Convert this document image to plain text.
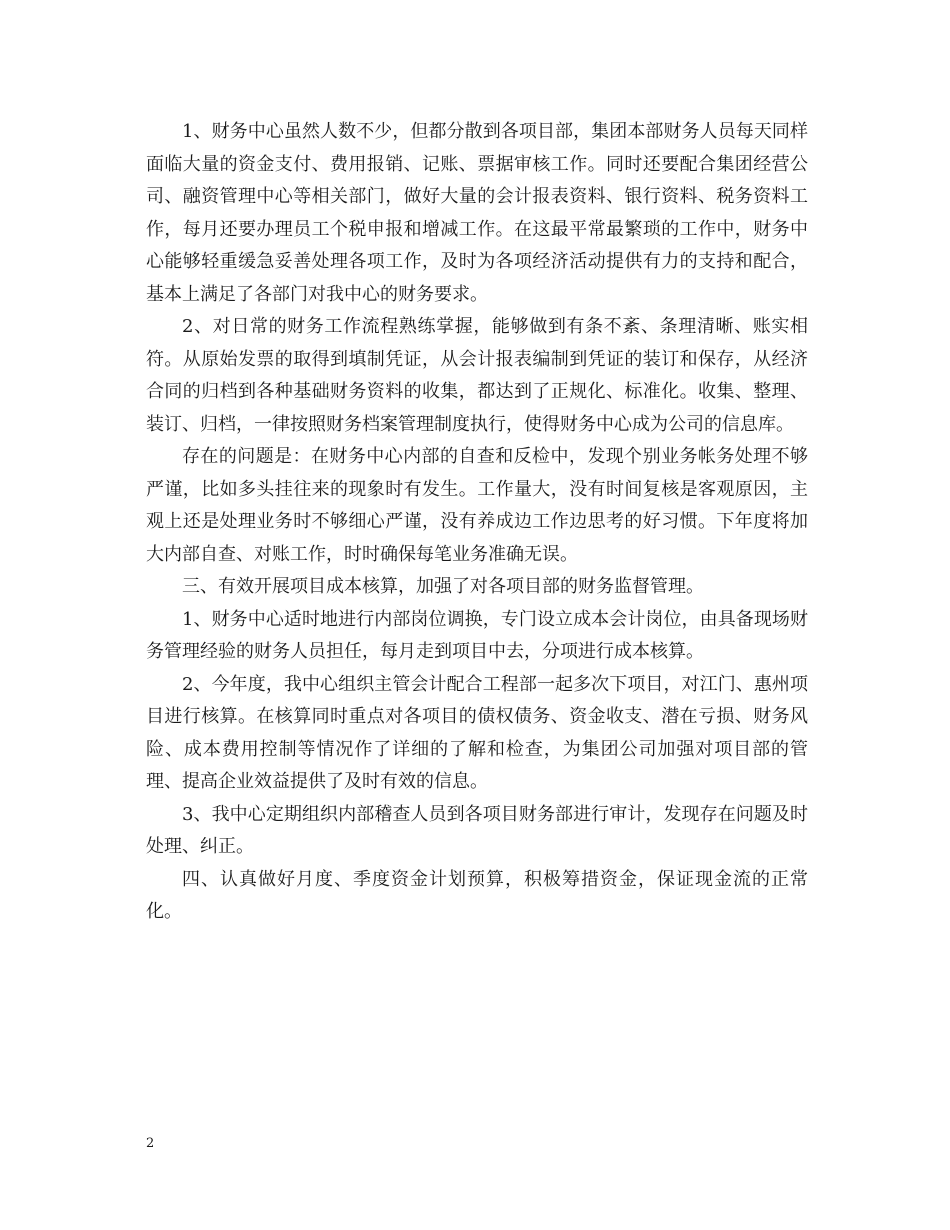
1、财务中心虽然人数不少，但都分散到各项目部，集团本部财务人员每天同样面临大量的资金支付、费用报销、记账、票据审核工作。同时还要配合集团经营公司、融资管理中心等相关部门，做好大量的会计报表资料、银行资料、税务资料工作，每月还要办理员工个税申报和增减工作。在这最平常最繁琐的工作中，财务中心能够轻重缓急妥善处理各项工作，及时为各项经济活动提供有力的支持和配合，基本上满足了各部门对我中心的财务要求。

2、对日常的财务工作流程熟练掌握，能够做到有条不紊、条理清晰、账实相符。从原始发票的取得到填制凭证，从会计报表编制到凭证的装订和保存，从经济合同的归档到各种基础财务资料的收集，都达到了正规化、标准化。收集、整理、装订、归档，一律按照财务档案管理制度执行，使得财务中心成为公司的信息库。

存在的问题是：在财务中心内部的自查和反检中，发现个别业务帐务处理不够严谨，比如多头挂往来的现象时有发生。工作量大，没有时间复核是客观原因，主观上还是处理业务时不够细心严谨，没有养成边工作边思考的好习惯。下年度将加大内部自查、对账工作，时时确保每笔业务准确无误。

三、有效开展项目成本核算，加强了对各项目部的财务监督管理。

1、财务中心适时地进行内部岗位调换，专门设立成本会计岗位，由具备现场财务管理经验的财务人员担任，每月走到项目中去，分项进行成本核算。

2、今年度，我中心组织主管会计配合工程部一起多次下项目，对江门、惠州项目进行核算。在核算同时重点对各项目的债权债务、资金收支、潜在亏损、财务风险、成本费用控制等情况作了详细的了解和检查，为集团公司加强对项目部的管理、提高企业效益提供了及时有效的信息。

3、我中心定期组织内部稽查人员到各项目财务部进行审计，发现存在问题及时处理、纠正。

四、认真做好月度、季度资金计划预算，积极筹措资金，保证现金流的正常化。

2
